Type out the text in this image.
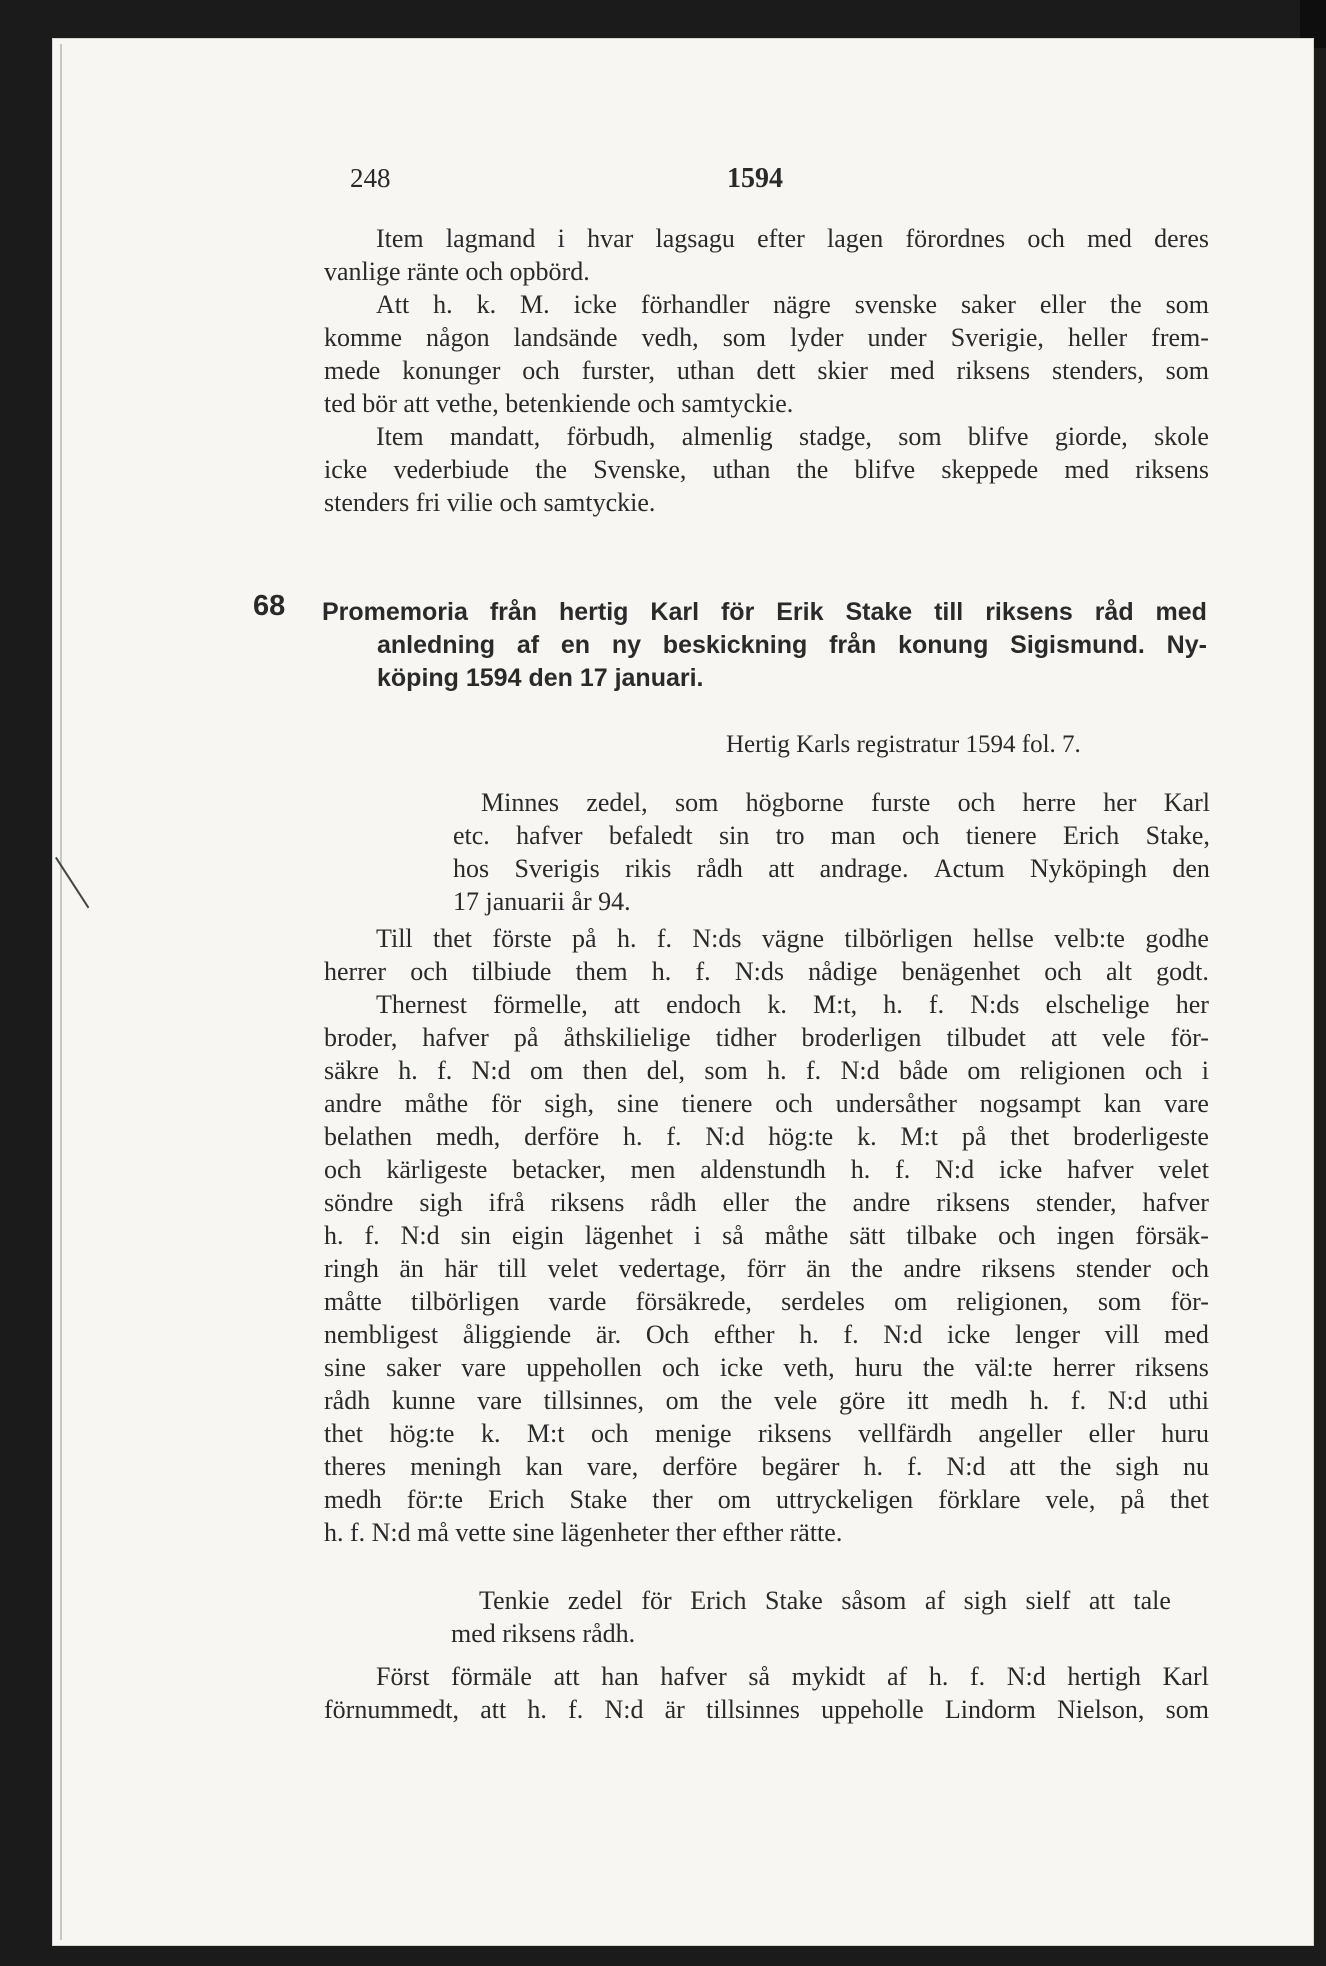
248	1594
Item lagmand i hvar lagsagu efter lagen förordnes och med deres
vanlige ränte och opbörd.
Att h. k. M. icke förhandler nägre svenske saker eller the som
komme någon landsände vedh, som lyder under Sverigie, heller frem-
mede konunger och furster, uthan dett skier med riksens stenders, som
ted bör att vethe, betenkiende och samtyckie.
Item mandatt, förbudh, almenlig stadge, som blifve giorde, skole
icke vederbiude the Svenske, uthan the blifve skeppede med riksens
stenders fri vilie och samtyckie.
68 Promemoria från hertig Karl för Erik Stake till riksens råd med
anledning af en ny beskickning från konung Sigismund. Ny-
köping 1594 den 17 januari.
Hertig Karls registratur 1594 fol. 7.
Minnes zedel, som högborne furste och herre her Karl
etc. hafver befaledt sin tro man och tienere Erich Stake,
hos Sverigis rikis rådh att andrage. Actum Nyköpingh den
17 januarii år 94.
Till thet förste på h. f. N:ds vägne tilbörligen hellse velb:te godhe
herrer och tilbiude them h. f. N:ds nådige benägenhet och alt godt.
Thernest förmelle, att endoch k. M:t, h. f. N:ds elschelige her
broder, hafver på åthskilielige tidher broderligen tilbudet att vele för-
säkre h. f. N:d om then del, som h. f. N:d både om religionen och i
andre måthe för sigh, sine tienere och undersåther nogsampt kan vare
belathen medh, derföre h. f. N:d hög:te k. M:t på thet broderligeste
och kärligeste betacker, men aldenstundh h. f. N:d icke hafver velet
söndre sigh ifrå riksens rådh eller the andre riksens stender, hafver
h. f. N:d sin eigin lägenhet i så måthe sätt tilbake och ingen försäk-
ringh än här till velet vedertage, förr än the andre riksens stender och
måtte tilbörligen varde försäkrede, serdeles om religionen, som för-
nembligest åliggiende är. Och efther h. f. N:d icke lenger vill med
sine saker vare uppehollen och icke veth, huru the väl:te herrer riksens
rådh kunne vare tillsinnes, om the vele göre itt medh h. f. N:d uthi
thet hög:te k. M:t och menige riksens vellfärdh angeller eller huru
theres meningh kan vare, derföre begärer h. f. N:d att the sigh nu
medh för:te Erich Stake ther om uttryckeligen förklare vele, på thet
h. f. N:d må vette sine lägenheter ther efther rätte.
Tenkie zedel för Erich Stake såsom af sigh sielf att tale
med riksens rådh.
Först förmäle att han hafver så mykidt af h. f. N:d hertigh Karl
förnummedt, att h. f. N:d är tillsinnes uppeholle Lindorm Nielson, som
